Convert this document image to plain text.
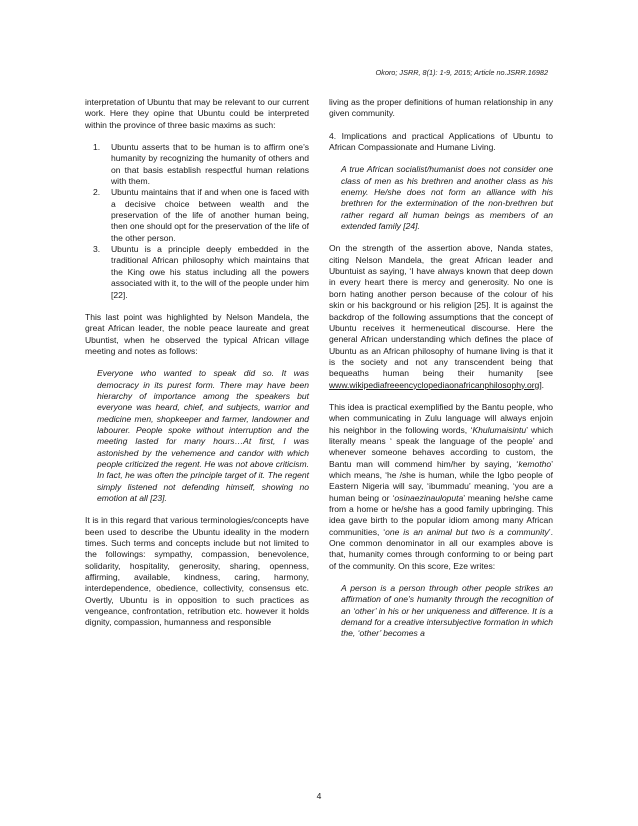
Okoro; JSRR, 8(1): 1-9, 2015; Article no.JSRR.16982

interpretation of Ubuntu that may be relevant to our current work. Here they opine that Ubuntu could be interpreted within the province of three basic maxims as such:

1.	Ubuntu asserts that to be human is to affirm one’s humanity by recognizing the humanity of others and on that basis establish respectful human relations with them.
2.	Ubuntu maintains that if and when one is faced with a decisive choice between wealth and the preservation of the life of another human being, then one should opt for the preservation of the life of the other person.
3.	Ubuntu is a principle deeply embedded in the traditional African philosophy which maintains that the King owe his status including all the powers associated with it, to the will of the people under him [22].

This last point was highlighted by Nelson Mandela, the great African leader, the noble peace laureate and great Ubuntist, when he observed the typical African village meeting and notes as follows:

Everyone who wanted to speak did so. It was democracy in its purest form. There may have been hierarchy of importance among the speakers but everyone was heard, chief, and subjects, warrior and medicine men, shopkeeper and farmer, landowner and labourer. People spoke without interruption and the meeting lasted for many hours…At first, I was astonished by the vehemence and candor with which people criticized the regent. He was not above criticism. In fact, he was often the principle target of it. The regent simply listened not defending himself, showing no emotion at all [23].

It is in this regard that various terminologies/concepts have been used to describe the Ubuntu ideality in the modern times. Such terms and concepts include but not limited to the followings: sympathy, compassion, benevolence, solidarity, hospitality, generosity, sharing, openness, affirming, available, kindness, caring, harmony, interdependence, obedience, collectivity, consensus etc. Overtly, Ubuntu is in opposition to such practices as vengeance, confrontation, retribution etc. however it holds dignity, compassion, humanness and responsible

living as the proper definitions of human relationship in any given community.

4. Implications and practical Applications of Ubuntu to African Compassionate and Humane Living.

A true African socialist/humanist does not consider one class of men as his brethren and another class as his enemy. He/she does not form an alliance with his brethren for the extermination of the non-brethren but rather regard all human beings as members of an extended family [24].

On the strength of the assertion above, Nanda states, citing Nelson Mandela, the great African leader and Ubuntuist as saying, ‘I have always known that deep down in every heart there is mercy and generosity. No one is born hating another person because of the colour of his skin or his background or his religion [25]. It is against the backdrop of the following assumptions that the concept of Ubuntu receives it hermeneutical discourse. Here the general African understanding which defines the place of Ubuntu as an African philosophy of humane living is that it is the society and not any transcendent being that bequeaths human being their humanity [see www.wikipediafreeencyclopediaonafricanphilosophy.org].

This idea is practical exemplified by the Bantu people, who when communicating in Zulu language will always enjoin his neighbor in the following words, ‘Khulumaisintu’ which literally means ‘ speak the language of the people’ and whenever someone behaves according to custom, the Bantu man will commend him/her by saying, ‘kemotho’ which means, ‘he /she is human, while the Igbo people of Eastern Nigeria will say, ‘ibummadu’ meaning, ‘you are a human being or ‘osinaezinauloputa’ meaning he/she came from a home or he/she has a good family upbringing. This idea gave birth to the popular idiom among many African communities, ‘one is an animal but two is a community’. One common denominator in all our examples above is that, humanity comes through conforming to or being part of the community. On this score, Eze writes:

A person is a person through other people strikes an affirmation of one’s humanity through the recognition of an ‘other’ in his or her uniqueness and difference. It is a demand for a creative intersubjective formation in which the, ‘other’ becomes a

4
